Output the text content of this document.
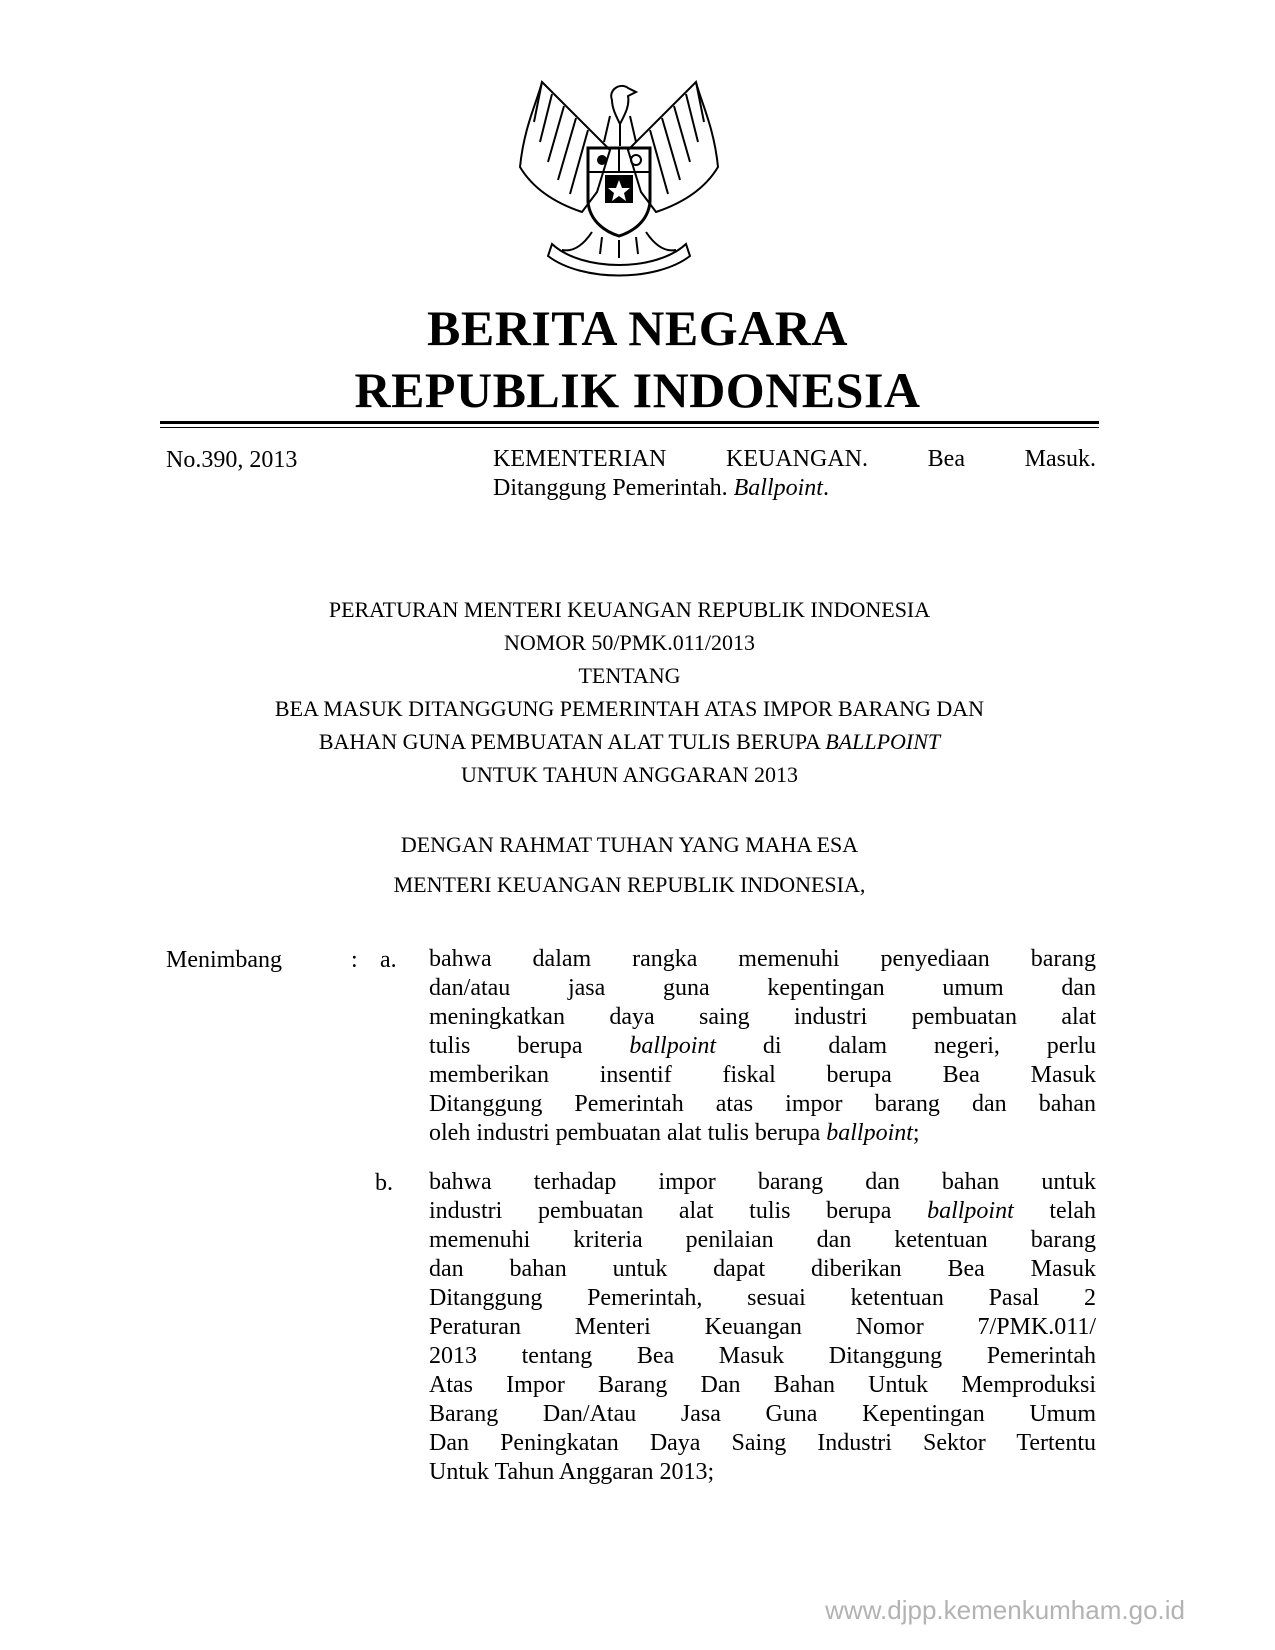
BERITA NEGARA
REPUBLIK INDONESIA
No.390, 2013	KEMENTERIAN KEUANGAN. Bea Masuk.
Ditanggung Pemerintah. Ballpoint.
PERATURAN MENTERI KEUANGAN REPUBLIK INDONESIA
NOMOR 50/PMK.011/2013
TENTANG
BEA MASUK DITANGGUNG PEMERINTAH ATAS IMPOR BARANG DAN
BAHAN GUNA PEMBUATAN ALAT TULIS BERUPA BALLPOINT
UNTUK TAHUN ANGGARAN 2013
DENGAN RAHMAT TUHAN YANG MAHA ESA
MENTERI KEUANGAN REPUBLIK INDONESIA,
Menimbang	: a. bahwa dalam rangka memenuhi penyediaan barang
dan/atau jasa guna kepentingan umum dan
meningkatkan daya saing industri pembuatan alat
tulis berupa ballpoint di dalam negeri, perlu
memberikan insentif fiskal berupa Bea Masuk
Ditanggung Pemerintah atas impor barang dan bahan
oleh industri pembuatan alat tulis berupa ballpoint;
b. bahwa terhadap impor barang dan bahan untuk
industri pembuatan alat tulis berupa ballpoint telah
memenuhi kriteria penilaian dan ketentuan barang
dan bahan untuk dapat diberikan Bea Masuk
Ditanggung Pemerintah, sesuai ketentuan Pasal 2
Peraturan Menteri Keuangan Nomor 7/PMK.011/
2013 tentang Bea Masuk Ditanggung Pemerintah
Atas Impor Barang Dan Bahan Untuk Memproduksi
Barang Dan/Atau Jasa Guna Kepentingan Umum
Dan Peningkatan Daya Saing Industri Sektor Tertentu
Untuk Tahun Anggaran 2013;
www.djpp.kemenkumham.go.id
